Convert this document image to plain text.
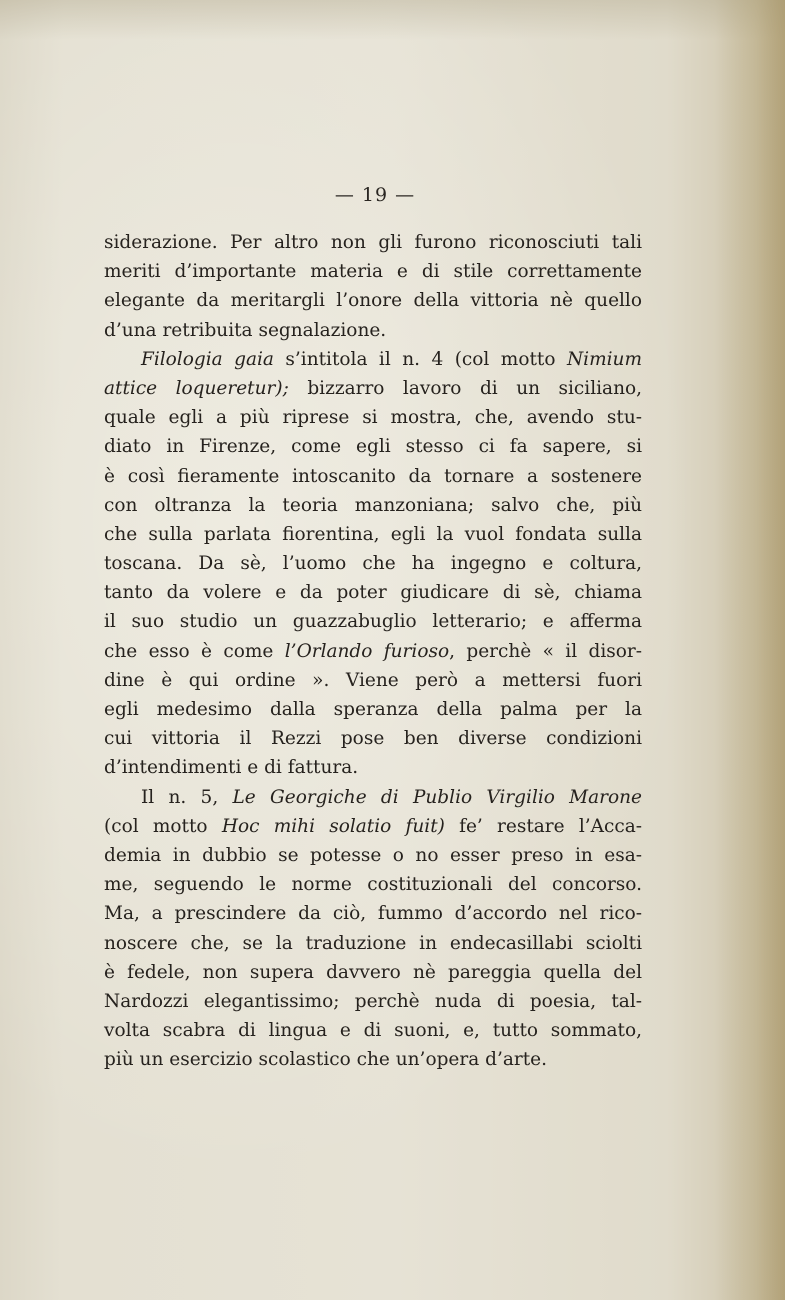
— 19 —
siderazione. Per altro non gli furono riconosciuti tali
meriti d’importante materia e di stile correttamente
elegante da meritargli l’onore della vittoria nè quello
d’una retribuita segnalazione.
Filologia gaia s’intitola il n. 4 (col motto Nimium
attice loqueretur); bizzarro lavoro di un siciliano,
quale egli a più riprese si mostra, che, avendo stu-
diato in Firenze, come egli stesso ci fa sapere, si
è così fieramente intoscanito da tornare a sostenere
con oltranza la teoria manzoniana; salvo che, più
che sulla parlata fiorentina, egli la vuol fondata sulla
toscana. Da sè, l’uomo che ha ingegno e coltura,
tanto da volere e da poter giudicare di sè, chiama
il suo studio un guazzabuglio letterario; e afferma
che esso è come l’Orlando furioso, perchè « il disor-
dine è qui ordine ». Viene però a mettersi fuori
egli medesimo dalla speranza della palma per la
cui vittoria il Rezzi pose ben diverse condizioni
d’intendimenti e di fattura.
Il n. 5, Le Georgiche di Publio Virgilio Marone
(col motto Hoc mihi solatio fuit) fe’ restare l’Acca-
demia in dubbio se potesse o no esser preso in esa-
me, seguendo le norme costituzionali del concorso.
Ma, a prescindere da ciò, fummo d’accordo nel rico-
noscere che, se la traduzione in endecasillabi sciolti
è fedele, non supera davvero nè pareggia quella del
Nardozzi elegantissimo; perchè nuda di poesia, tal-
volta scabra di lingua e di suoni, e, tutto sommato,
più un esercizio scolastico che un’opera d’arte.
